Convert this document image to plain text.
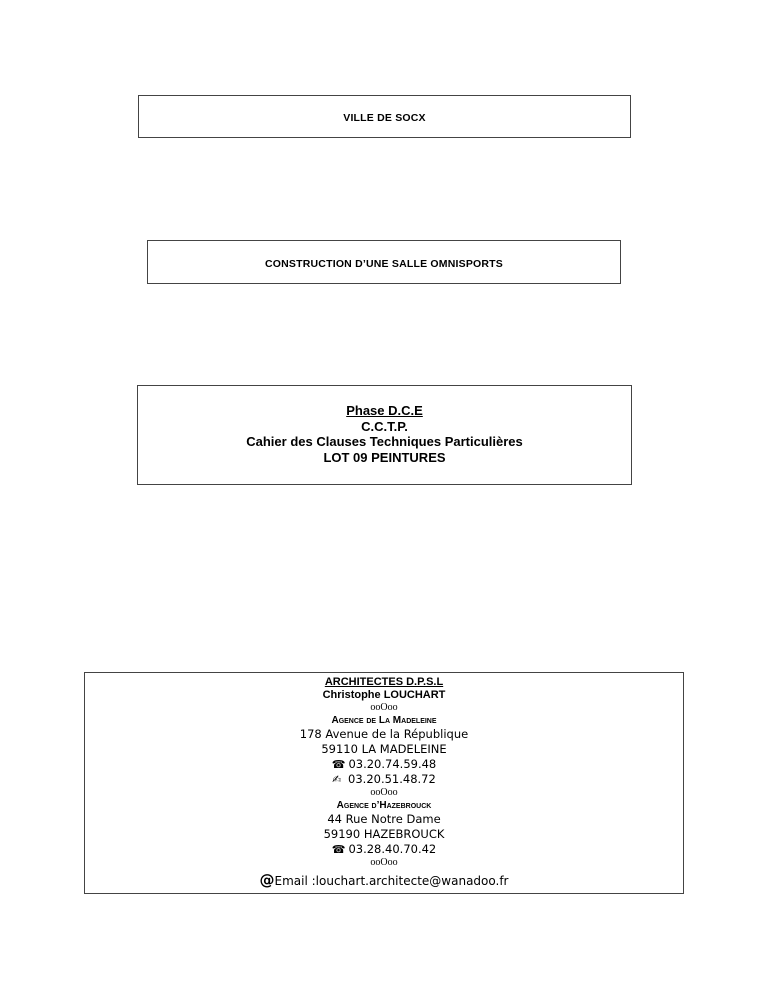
VILLE DE SOCX
CONSTRUCTION D’UNE SALLE OMNISPORTS
Phase D.C.E
C.C.T.P.
Cahier des Clauses Techniques Particulières
LOT 09 PEINTURES
ARCHITECTES D.P.S.L
Christophe LOUCHART
ooOoo
Agence de La Madeleine
178 Avenue de la République
59110 LA MADELEINE
☎ 03.20.74.59.48
✍ 03.20.51.48.72
ooOoo
Agence d’Hazebrouck
44 Rue Notre Dame
59190 HAZEBROUCK
☎ 03.28.40.70.42
ooOoo
@Email :louchart.architecte@wanadoo.fr
